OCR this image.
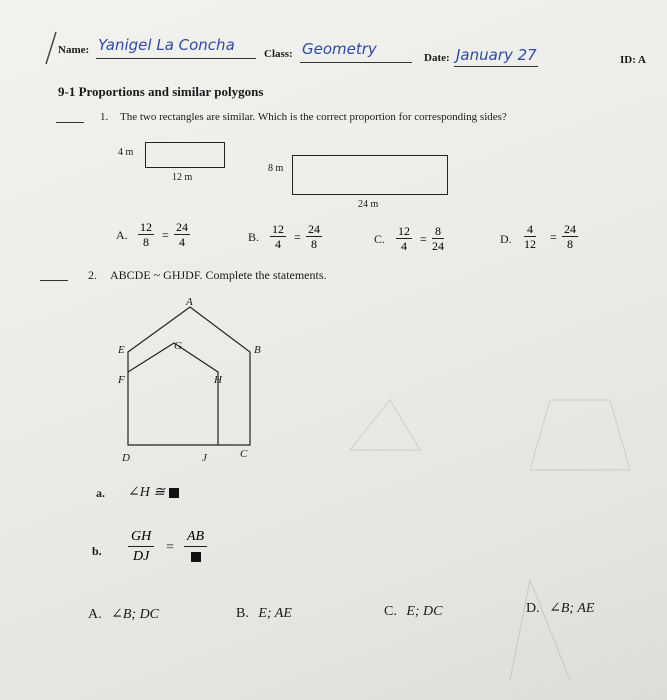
Name: Yanigel La Concha	Class: Geometry	Date: January 27	ID: A
9-1 Proportions and similar polygons
1. The two rectangles are similar. Which is the correct proportion for corresponding sides?
4 m
12 m
8 m
24 m
A. $\frac{12}{8} = \frac{24}{4}$	B. $\frac{12}{4} = \frac{24}{8}$	C. $\frac{12}{4} = \frac{8}{24}$	D. $\frac{4}{12} = \frac{24}{8}$
2. ABCDE ~ GHJDF. Complete the statements.
A
B
C
D
E
F
G
H
J
a. ∠H ≅
b. $\frac{GH}{DJ}$ =
AB
A. ∠B; DC	B. E; AE	C. E; DC	D. ∠B; AE
